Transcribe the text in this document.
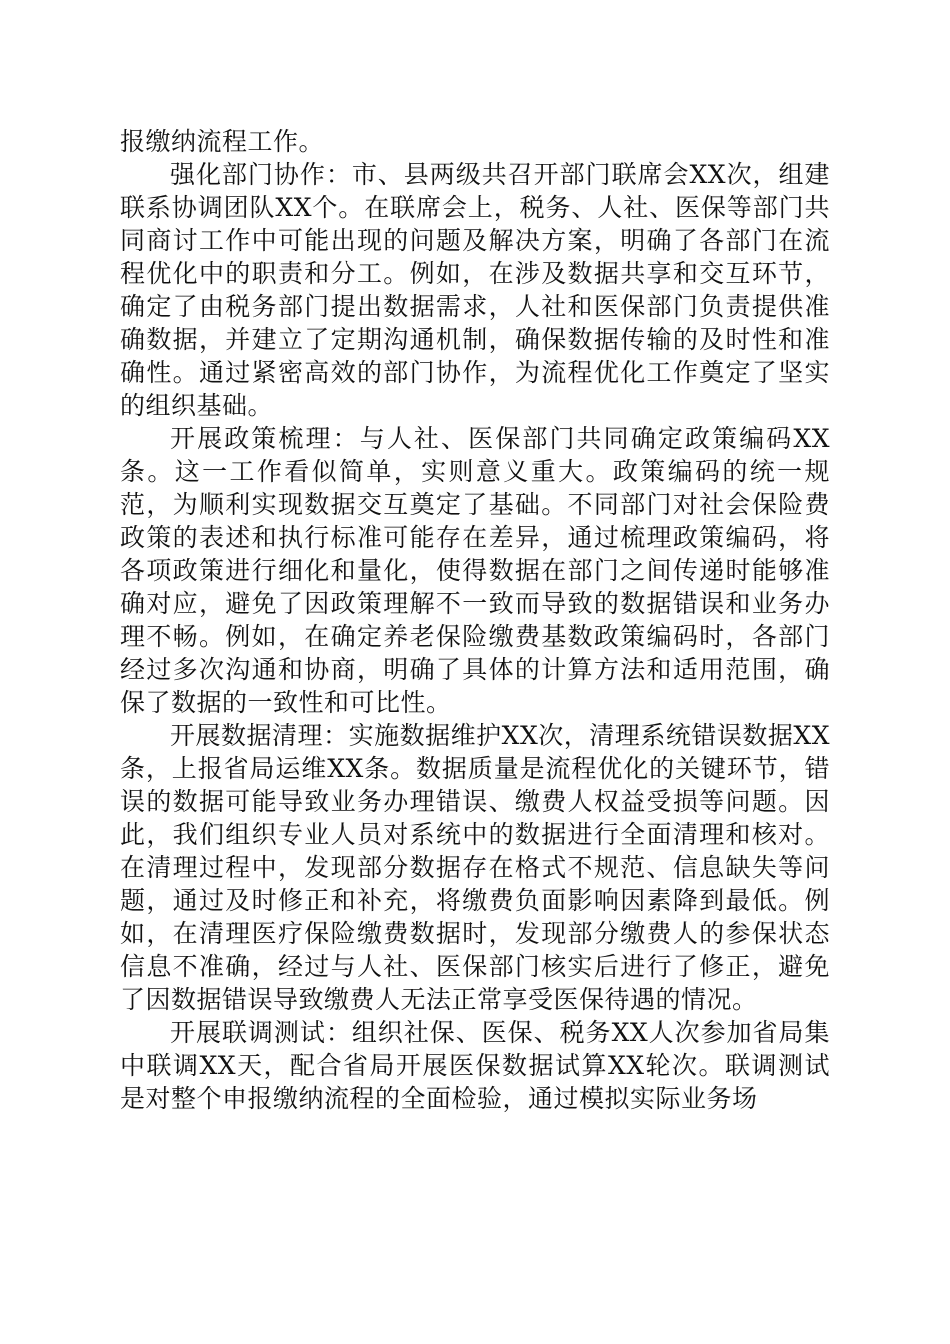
报缴纳流程工作。

强化部门协作：市、县两级共召开部门联席会XX次，组建联系协调团队XX个。在联席会上，税务、人社、医保等部门共同商讨工作中可能出现的问题及解决方案，明确了各部门在流程优化中的职责和分工。例如，在涉及数据共享和交互环节，确定了由税务部门提出数据需求，人社和医保部门负责提供准确数据，并建立了定期沟通机制，确保数据传输的及时性和准确性。通过紧密高效的部门协作，为流程优化工作奠定了坚实的组织基础。

开展政策梳理：与人社、医保部门共同确定政策编码XX条。这一工作看似简单，实则意义重大。政策编码的统一规范，为顺利实现数据交互奠定了基础。不同部门对社会保险费政策的表述和执行标准可能存在差异，通过梳理政策编码，将各项政策进行细化和量化，使得数据在部门之间传递时能够准确对应，避免了因政策理解不一致而导致的数据错误和业务办理不畅。例如，在确定养老保险缴费基数政策编码时，各部门经过多次沟通和协商，明确了具体的计算方法和适用范围，确保了数据的一致性和可比性。

开展数据清理：实施数据维护XX次，清理系统错误数据XX条，上报省局运维XX条。数据质量是流程优化的关键环节，错误的数据可能导致业务办理错误、缴费人权益受损等问题。因此，我们组织专业人员对系统中的数据进行全面清理和核对。在清理过程中，发现部分数据存在格式不规范、信息缺失等问题，通过及时修正和补充，将缴费负面影响因素降到最低。例如，在清理医疗保险缴费数据时，发现部分缴费人的参保状态信息不准确，经过与人社、医保部门核实后进行了修正，避免了因数据错误导致缴费人无法正常享受医保待遇的情况。

开展联调测试：组织社保、医保、税务XX人次参加省局集中联调XX天，配合省局开展医保数据试算XX轮次。联调测试是对整个申报缴纳流程的全面检验，通过模拟实际业务场
